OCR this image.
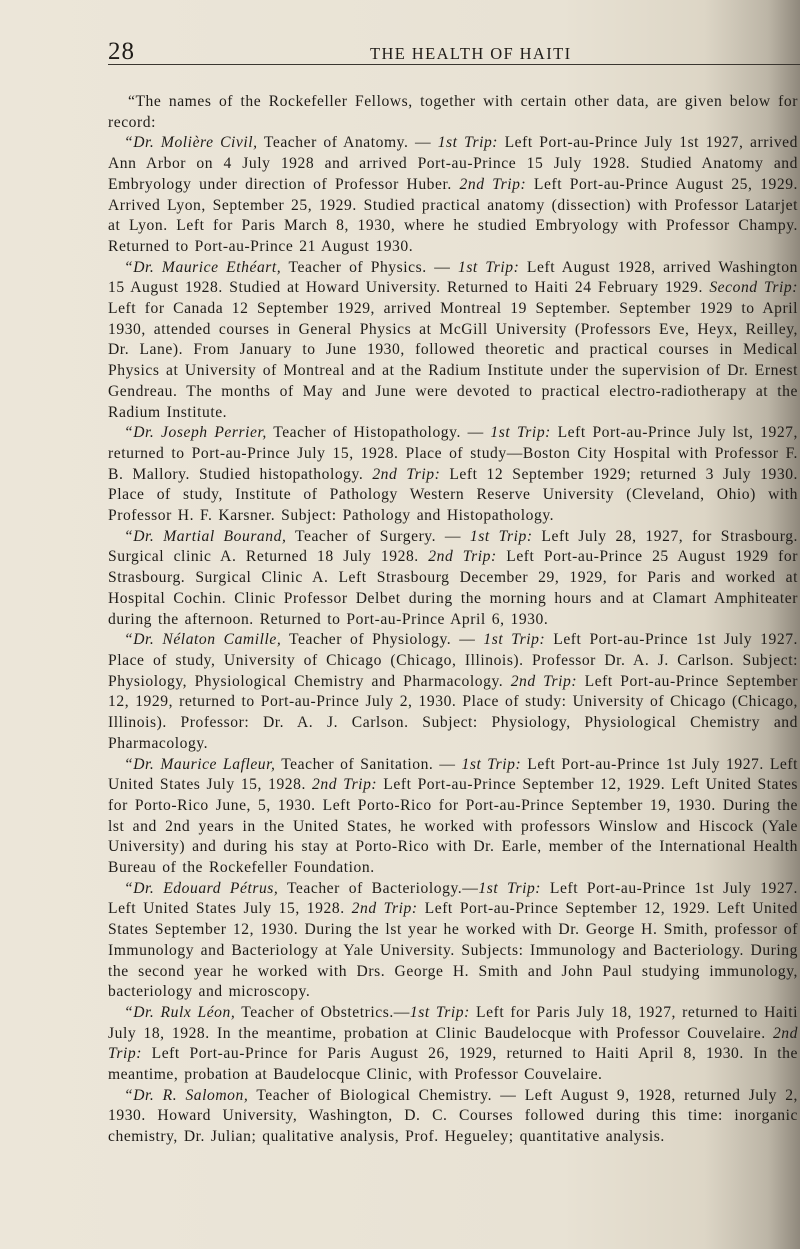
28	THE HEALTH OF HAITI

“The names of the Rockefeller Fellows, together with certain other data, are given below for record:

“Dr. Molière Civil, Teacher of Anatomy. — 1st Trip: Left Port-au-Prince July 1st 1927, arrived Ann Arbor on 4 July 1928 and arrived Port-au-Prince 15 July 1928. Studied Anatomy and Embryology under direction of Professor Huber. 2nd Trip: Left Port-au-Prince August 25, 1929. Arrived Lyon, September 25, 1929. Studied practical anatomy (dissection) with Professor Latarjet at Lyon. Left for Paris March 8, 1930, where he studied Embryology with Professor Champy. Returned to Port-au-Prince 21 August 1930.

“Dr. Maurice Ethéart, Teacher of Physics. — 1st Trip: Left August 1928, arrived Washington 15 August 1928. Studied at Howard University. Returned to Haiti 24 February 1929. Second Trip: Left for Canada 12 September 1929, arrived Montreal 19 September. September 1929 to April 1930, attended courses in General Physics at McGill University (Professors Eve, Heyx, Reilley, Dr. Lane). From January to June 1930, followed theoretic and practical courses in Medical Physics at University of Montreal and at the Radium Institute under the supervision of Dr. Ernest Gendreau. The months of May and June were devoted to practical electro-radiotherapy at the Radium Institute.

“Dr. Joseph Perrier, Teacher of Histopathology. — 1st Trip: Left Port-au-Prince July lst, 1927, returned to Port-au-Prince July 15, 1928. Place of study—Boston City Hospital with Professor F. B. Mallory. Studied histopathology. 2nd Trip: Left 12 September 1929; returned 3 July 1930. Place of study, Institute of Pathology Western Reserve University (Cleveland, Ohio) with Professor H. F. Karsner. Subject: Pathology and Histopathology.

“Dr. Martial Bourand, Teacher of Surgery. — 1st Trip: Left July 28, 1927, for Strasbourg. Surgical clinic A. Returned 18 July 1928. 2nd Trip: Left Port-au-Prince 25 August 1929 for Strasbourg. Surgical Clinic A. Left Strasbourg December 29, 1929, for Paris and worked at Hospital Cochin. Clinic Professor Delbet during the morning hours and at Clamart Amphiteater during the afternoon. Returned to Port-au-Prince April 6, 1930.

“Dr. Nélaton Camille, Teacher of Physiology. — 1st Trip: Left Port-au-Prince 1st July 1927. Place of study, University of Chicago (Chicago, Illinois). Professor Dr. A. J. Carlson. Subject: Physiology, Physiological Chemistry and Pharmacology. 2nd Trip: Left Port-au-Prince September 12, 1929, returned to Port-au-Prince July 2, 1930. Place of study: University of Chicago (Chicago, Illinois). Professor: Dr. A. J. Carlson. Subject: Physiology, Physiological Chemistry and Pharmacology.

“Dr. Maurice Lafleur, Teacher of Sanitation. — 1st Trip: Left Port-au-Prince 1st July 1927. Left United States July 15, 1928. 2nd Trip: Left Port-au-Prince September 12, 1929. Left United States for Porto-Rico June, 5, 1930. Left Porto-Rico for Port-au-Prince September 19, 1930. During the lst and 2nd years in the United States, he worked with professors Winslow and Hiscock (Yale University) and during his stay at Porto-Rico with Dr. Earle, member of the International Health Bureau of the Rockefeller Foundation.

“Dr. Edouard Pétrus, Teacher of Bacteriology.—1st Trip: Left Port-au-Prince 1st July 1927. Left United States July 15, 1928. 2nd Trip: Left Port-au-Prince September 12, 1929. Left United States September 12, 1930. During the lst year he worked with Dr. George H. Smith, professor of Immunology and Bacteriology at Yale University. Subjects: Immunology and Bacteriology. During the second year he worked with Drs. George H. Smith and John Paul studying immunology, bacteriology and microscopy.

“Dr. Rulx Léon, Teacher of Obstetrics.—1st Trip: Left for Paris July 18, 1927, returned to Haiti July 18, 1928. In the meantime, probation at Clinic Baudelocque with Professor Couvelaire. 2nd Trip: Left Port-au-Prince for Paris August 26, 1929, returned to Haiti April 8, 1930. In the meantime, probation at Baudelocque Clinic, with Professor Couvelaire.

“Dr. R. Salomon, Teacher of Biological Chemistry. — Left August 9, 1928, returned July 2, 1930. Howard University, Washington, D. C. Courses followed during this time: inorganic chemistry, Dr. Julian; qualitative analysis, Prof. Hegueley; quantitative analysis.
